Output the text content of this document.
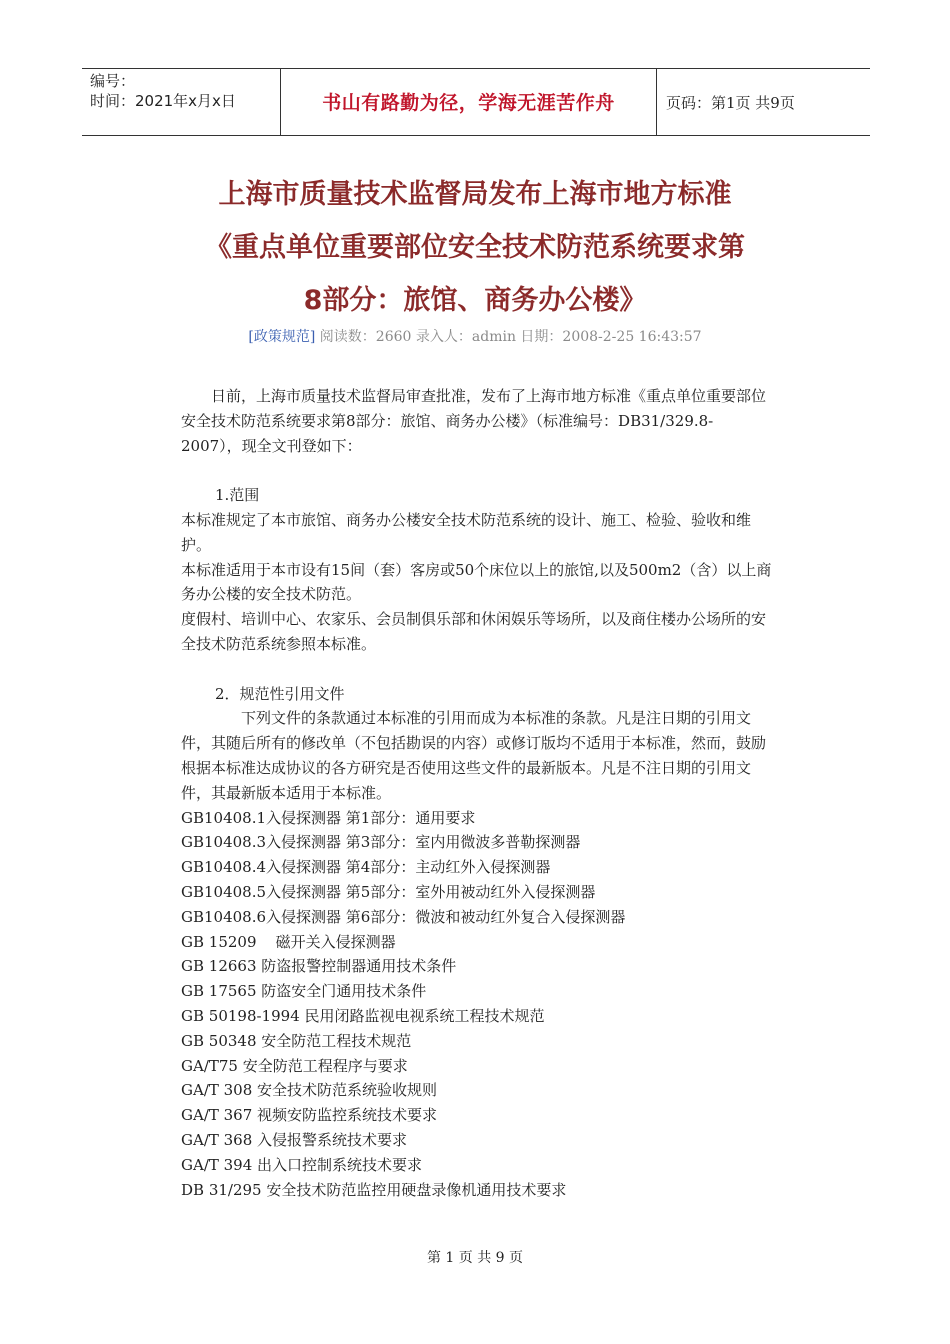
编号：
时间：2021年x月x日	书山有路勤为径，学海无涯苦作舟	页码：第1页 共9页
上海市质量技术监督局发布上海市地方标准
《重点单位重要部位安全技术防范系统要求第
8部分：旅馆、商务办公楼》
[政策规范] 阅读数：2660 录入人：admin 日期：2008-2-25 16:43:57

日前，上海市质量技术监督局审查批准，发布了上海市地方标准《重点单位重要部位安全技术防范系统要求第8部分：旅馆、商务办公楼》（标准编号：DB31/329.8-2007），现全文刊登如下：

1.范围

本标准规定了本市旅馆、商务办公楼安全技术防范系统的设计、施工、检验、验收和维护。

本标准适用于本市设有15间（套）客房或50个床位以上的旅馆,以及500m2（含）以上商务办公楼的安全技术防范。

度假村、培训中心、农家乐、会员制俱乐部和休闲娱乐等场所，以及商住楼办公场所的安全技术防范系统参照本标准。

2．规范性引用文件

下列文件的条款通过本标准的引用而成为本标准的条款。凡是注日期的引用文件，其随后所有的修改单（不包括勘误的内容）或修订版均不适用于本标准，然而，鼓励根据本标准达成协议的各方研究是否使用这些文件的最新版本。凡是不注日期的引用文件，其最新版本适用于本标准。

GB10408.1入侵探测器 第1部分：通用要求
GB10408.3入侵探测器 第3部分：室内用微波多普勒探测器
GB10408.4入侵探测器 第4部分：主动红外入侵探测器
GB10408.5入侵探测器 第5部分：室外用被动红外入侵探测器
GB10408.6入侵探测器 第6部分：微波和被动红外复合入侵探测器
GB 15209    磁开关入侵探测器
GB 12663 防盗报警控制器通用技术条件
GB 17565 防盗安全门通用技术条件
GB 50198-1994 民用闭路监视电视系统工程技术规范
GB 50348 安全防范工程技术规范
GA/T75 安全防范工程程序与要求
GA/T 308 安全技术防范系统验收规则
GA/T 367 视频安防监控系统技术要求
GA/T 368 入侵报警系统技术要求
GA/T 394 出入口控制系统技术要求
DB 31/295 安全技术防范监控用硬盘录像机通用技术要求
第 1 页 共 9 页
